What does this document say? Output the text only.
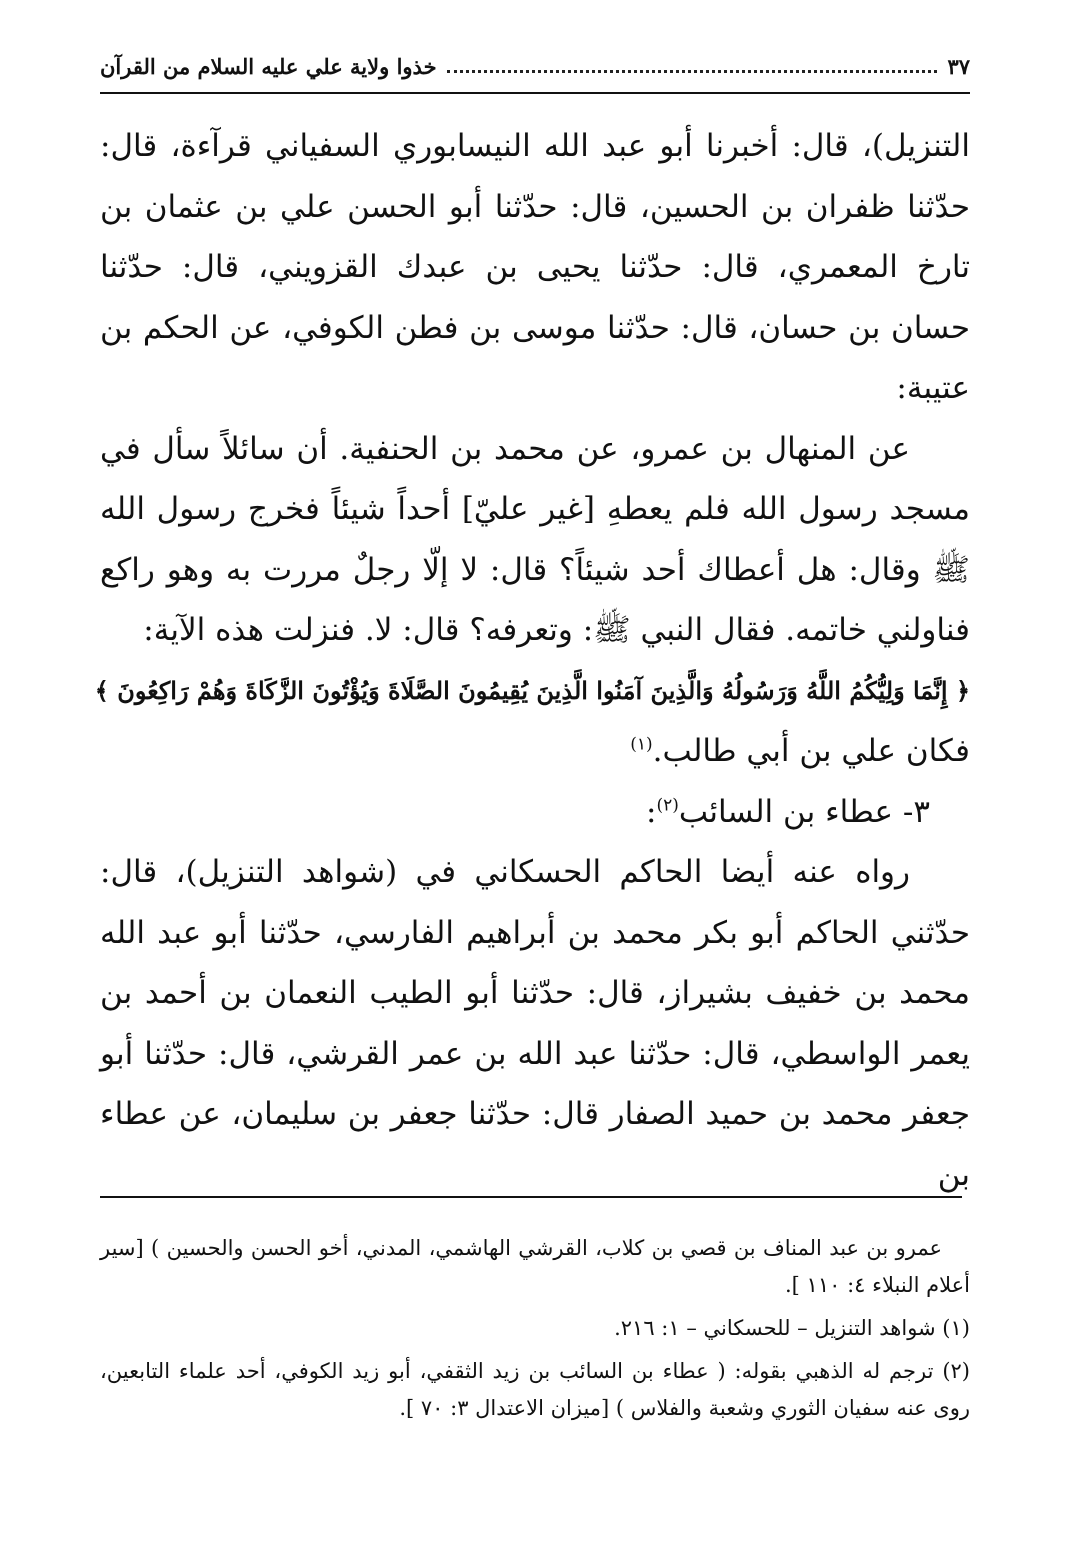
٣٧
خذوا ولاية علي عليه السلام من القرآن

التنزيل)، قال: أخبرنا أبو عبد الله النيسابوري السفياني قرآءة، قال: حدّثنا ظفران بن الحسين، قال: حدّثنا أبو الحسن علي بن عثمان بن تارخ المعمري، قال: حدّثنا يحيى بن عبدك القزويني، قال: حدّثنا حسان بن حسان، قال: حدّثنا موسى بن فطن الكوفي، عن الحكم بن عتيبة:

عن المنهال بن عمرو، عن محمد بن الحنفية. أن سائلاً سأل في مسجد رسول الله فلم يعطهِ [غير عليّ] أحداً شيئاً فخرج رسول الله ﷺ وقال: هل أعطاك أحد شيئاً؟ قال: لا إلّا رجلٌ مررت به وهو راكع فناولني خاتمه. فقال النبي ﷺ: وتعرفه؟ قال: لا. فنزلت هذه الآية:

﴿ إِنَّمَا وَلِيُّكُمُ اللَّهُ وَرَسُولُهُ وَالَّذِينَ آمَنُوا الَّذِينَ يُقِيمُونَ الصَّلَاةَ وَيُؤْتُونَ الزَّكَاةَ وَهُمْ رَاكِعُونَ ﴾

فكان علي بن أبي طالب.$^{(١)}$

٣- عطاء بن السائب$^{(٢)}$:

رواه عنه أيضا الحاكم الحسكاني في (شواهد التنزيل)، قال: حدّثني الحاكم أبو بكر محمد بن أبراهيم الفارسي، حدّثنا أبو عبد الله محمد بن خفيف بشيراز، قال: حدّثنا أبو الطيب النعمان بن أحمد بن يعمر الواسطي، قال: حدّثنا عبد الله بن عمر القرشي، قال: حدّثنا أبو جعفر محمد بن حميد الصفار قال: حدّثنا جعفر بن سليمان، عن عطاء بن

عمرو بن عبد المناف بن قصي بن كلاب، القرشي الهاشمي، المدني، أخو الحسن والحسين ) [سير أعلام النبلاء ٤: ١١٠ ].

(١) شواهد التنزيل – للحسكاني – ١: ٢١٦.

(٢) ترجم له الذهبي بقوله: ( عطاء بن السائب بن زيد الثقفي، أبو زيد الكوفي، أحد علماء التابعين، روى عنه سفيان الثوري وشعبة والفلاس ) [ميزان الاعتدال ٣: ٧٠ ].
